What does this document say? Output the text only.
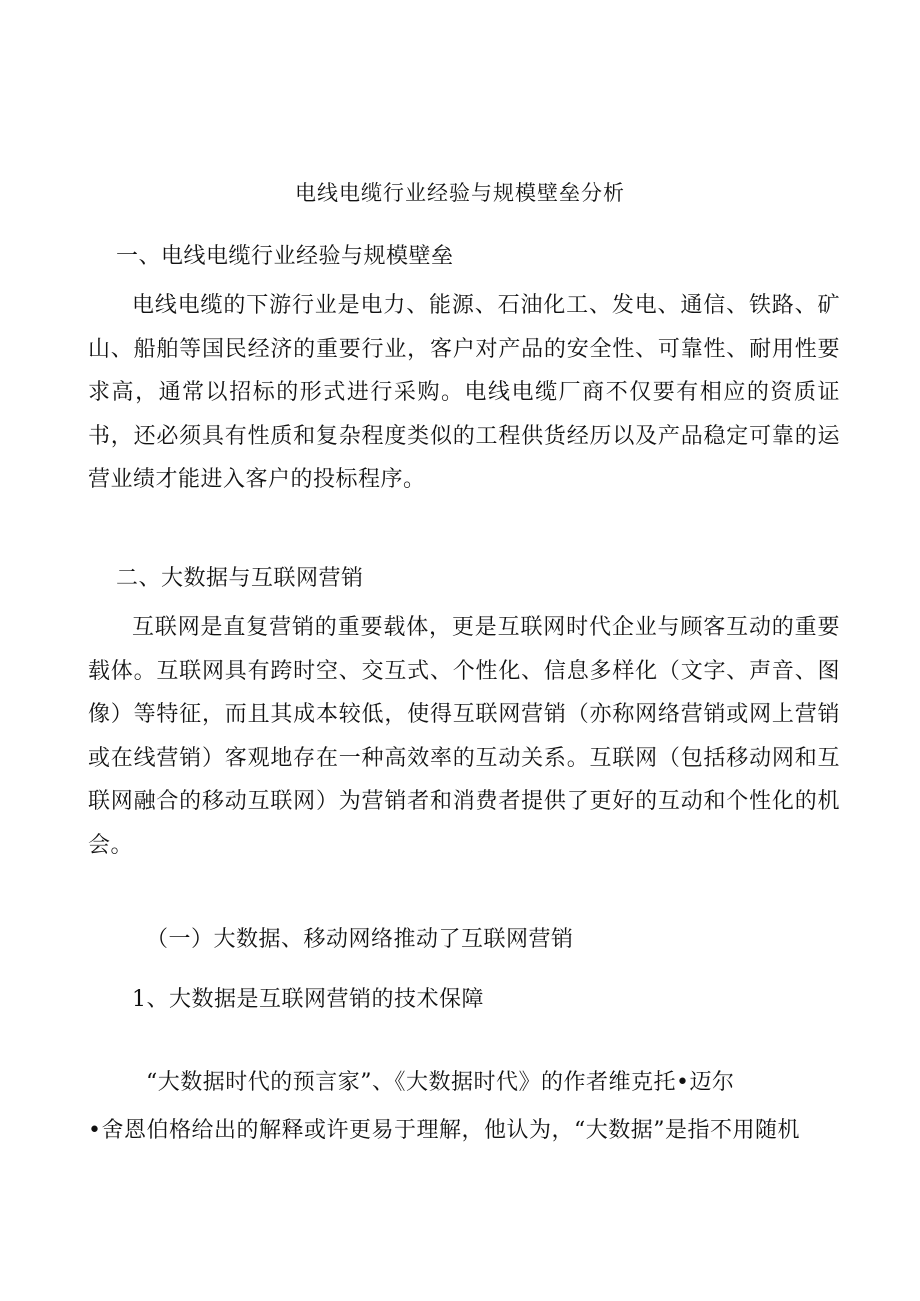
电线电缆行业经验与规模壁垒分析
一、电线电缆行业经验与规模壁垒
电线电缆的下游行业是电力、能源、石油化工、发电、通信、铁路、矿山、船舶等国民经济的重要行业，客户对产品的安全性、可靠性、耐用性要求高，通常以招标的形式进行采购。电线电缆厂商不仅要有相应的资质证书，还必须具有性质和复杂程度类似的工程供货经历以及产品稳定可靠的运营业绩才能进入客户的投标程序。
二、大数据与互联网营销
互联网是直复营销的重要载体，更是互联网时代企业与顾客互动的重要载体。互联网具有跨时空、交互式、个性化、信息多样化（文字、声音、图像）等特征，而且其成本较低，使得互联网营销（亦称网络营销或网上营销或在线营销）客观地存在一种高效率的互动关系。互联网（包括移动网和互联网融合的移动互联网）为营销者和消费者提供了更好的互动和个性化的机会。
（一）大数据、移动网络推动了互联网营销
1、大数据是互联网营销的技术保障
“大数据时代的预言家”、《大数据时代》的作者维克托•迈尔
•舍恩伯格给出的解释或许更易于理解，他认为，“大数据”是指不用随机
